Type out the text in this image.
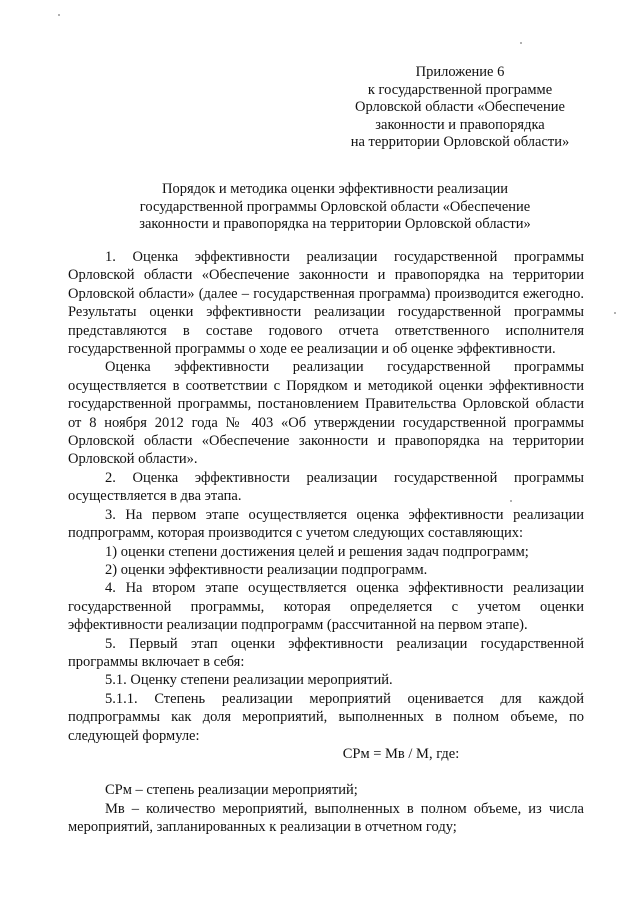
Приложение 6
к государственной программе
Орловской области «Обеспечение
законности и правопорядка
на территории Орловской области»
Порядок и методика оценки эффективности реализации
государственной программы Орловской области «Обеспечение
законности и правопорядка на территории Орловской области»

1. Оценка эффективности реализации государственной программы Орловской области «Обеспечение законности и правопорядка на территории Орловской области» (далее – государственная программа) производится ежегодно. Результаты оценки эффективности реализации государственной программы представляются в составе годового отчета ответственного исполнителя государственной программы о ходе ее реализации и об оценке эффективности.

Оценка эффективности реализации государственной программы осуществляется в соответствии с Порядком и методикой оценки эффективности государственной программы, постановлением Правительства Орловской области от 8 ноября 2012 года № 403 «Об утверждении государственной программы Орловской области «Обеспечение законности и правопорядка на территории Орловской области».

2. Оценка эффективности реализации государственной программы осуществляется в два этапа.

3. На первом этапе осуществляется оценка эффективности реализации подпрограмм, которая производится с учетом следующих составляющих:

1) оценки степени достижения целей и решения задач подпрограмм;

2) оценки эффективности реализации подпрограмм.

4. На втором этапе осуществляется оценка эффективности реализации государственной программы, которая определяется с учетом оценки эффективности реализации подпрограмм (рассчитанной на первом этапе).

5. Первый этап оценки эффективности реализации государственной программы включает в себя:

5.1. Оценку степени реализации мероприятий.

5.1.1. Степень реализации мероприятий оценивается для каждой подпрограммы как доля мероприятий, выполненных в полном объеме, по следующей формуле:

СРм = Мв / М, где:

СРм – степень реализации мероприятий;

Мв – количество мероприятий, выполненных в полном объеме, из числа мероприятий, запланированных к реализации в отчетном году;
